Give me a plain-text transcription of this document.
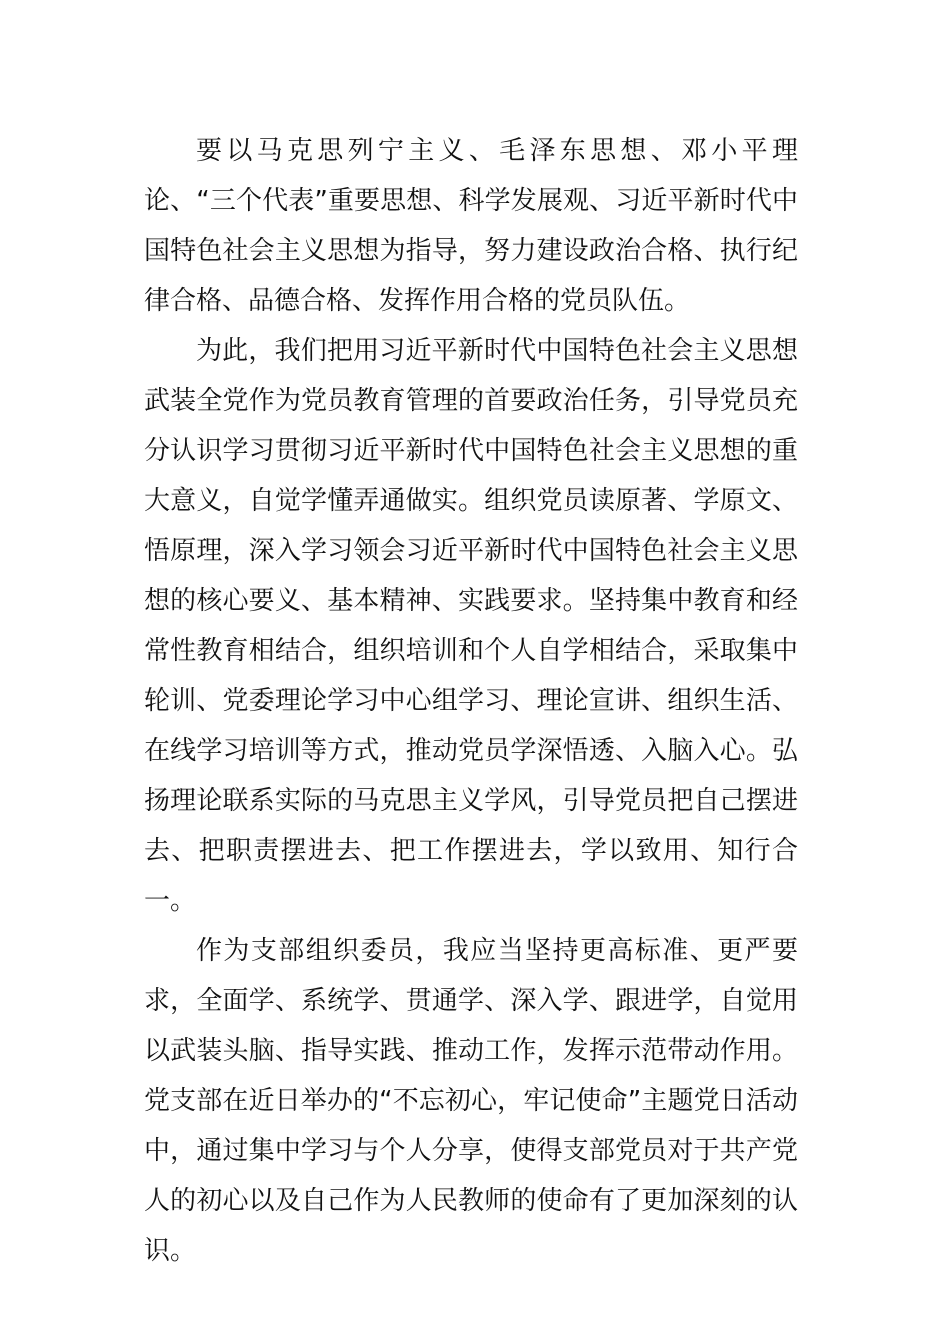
要以马克思列宁主义、毛泽东思想、邓小平理论、“三个代表”重要思想、科学发展观、习近平新时代中国特色社会主义思想为指导，努力建设政治合格、执行纪律合格、品德合格、发挥作用合格的党员队伍。

为此，我们把用习近平新时代中国特色社会主义思想武装全党作为党员教育管理的首要政治任务，引导党员充分认识学习贯彻习近平新时代中国特色社会主义思想的重大意义，自觉学懂弄通做实。组织党员读原著、学原文、悟原理，深入学习领会习近平新时代中国特色社会主义思想的核心要义、基本精神、实践要求。坚持集中教育和经常性教育相结合，组织培训和个人自学相结合，采取集中轮训、党委理论学习中心组学习、理论宣讲、组织生活、在线学习培训等方式，推动党员学深悟透、入脑入心。弘扬理论联系实际的马克思主义学风，引导党员把自己摆进去、把职责摆进去、把工作摆进去，学以致用、知行合一。

作为支部组织委员，我应当坚持更高标准、更严要求，全面学、系统学、贯通学、深入学、跟进学，自觉用以武装头脑、指导实践、推动工作，发挥示范带动作用。党支部在近日举办的“不忘初心，牢记使命”主题党日活动中，通过集中学习与个人分享，使得支部党员对于共产党人的初心以及自己作为人民教师的使命有了更加深刻的认识。
